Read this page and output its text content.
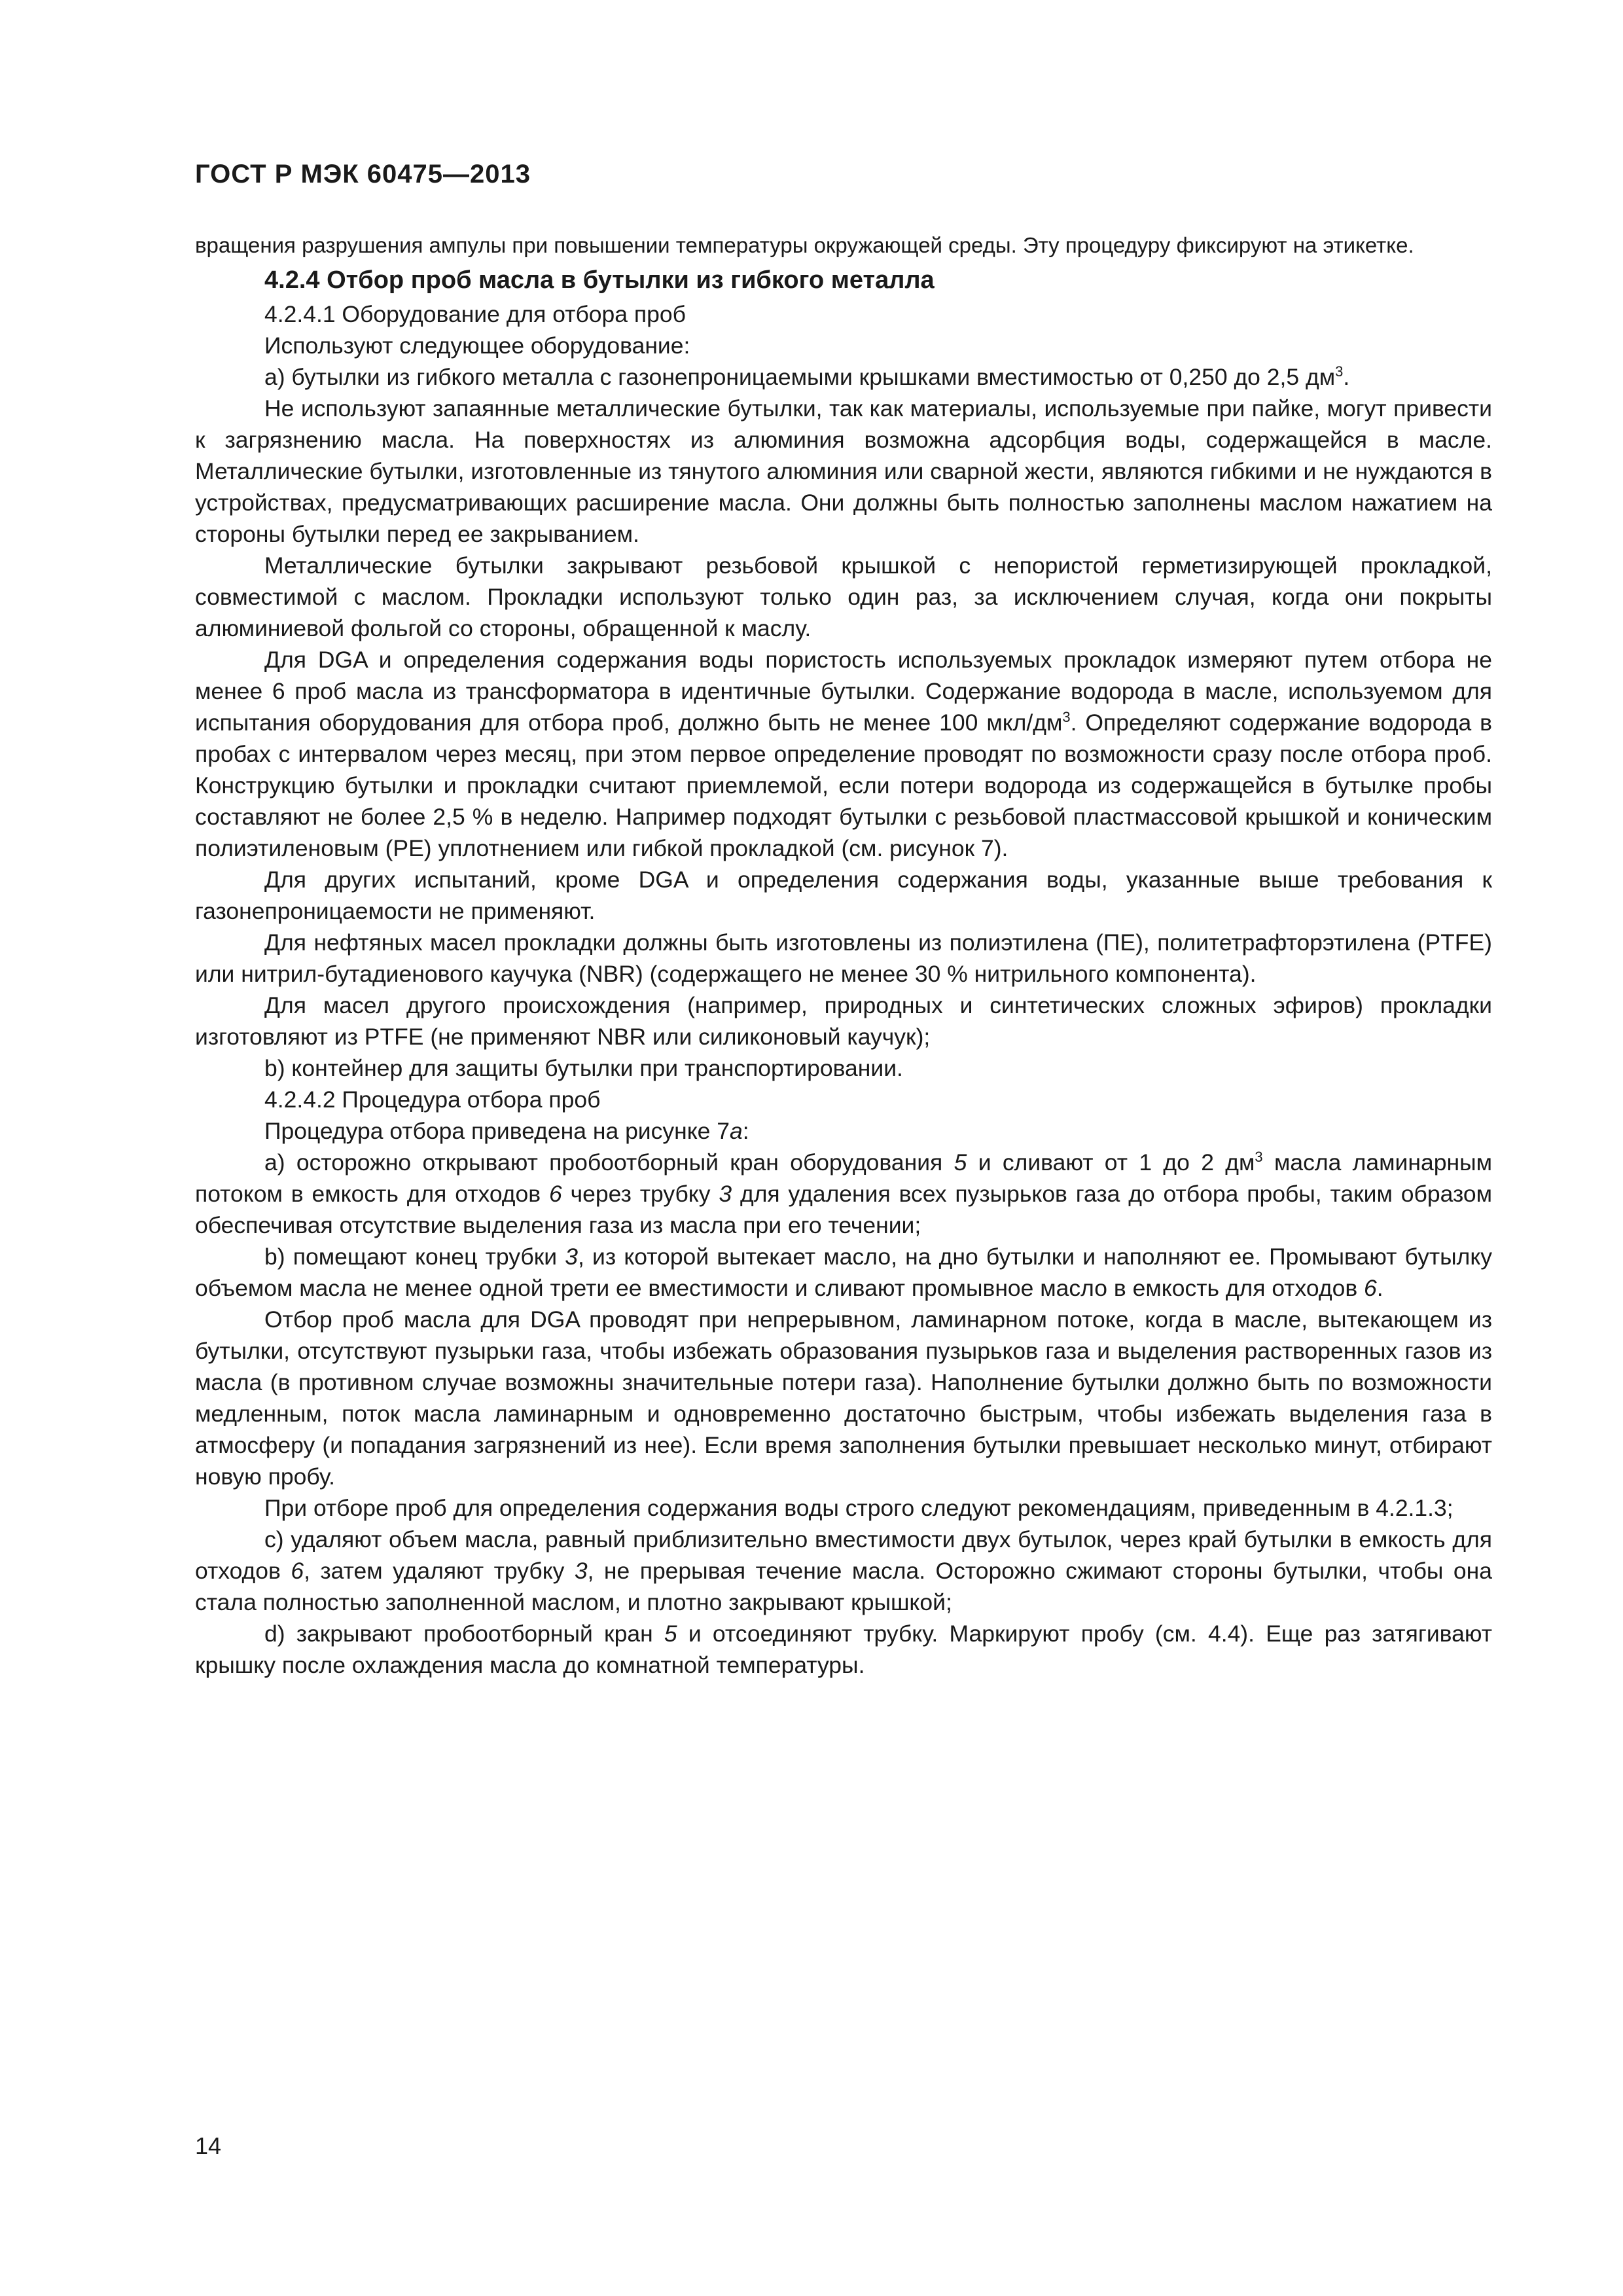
ГОСТ Р МЭК 60475—2013

вращения разрушения ампулы при повышении температуры окружающей среды. Эту процедуру фиксируют на этикетке.

4.2.4 Отбор проб масла в бутылки из гибкого металла

4.2.4.1 Оборудование для отбора проб

Используют следующее оборудование:

а) бутылки из гибкого металла с газонепроницаемыми крышками вместимостью от 0,250 до 2,5 $дм^3$.

Не используют запаянные металлические бутылки, так как материалы, используемые при пайке, могут привести к загрязнению масла. На поверхностях из алюминия возможна адсорбция воды, содержащейся в масле. Металлические бутылки, изготовленные из тянутого алюминия или сварной жести, являются гибкими и не нуждаются в устройствах, предусматривающих расширение масла. Они должны быть полностью заполнены маслом нажатием на стороны бутылки перед ее закрыванием.

Металлические бутылки закрывают резьбовой крышкой с непористой герметизирующей прокладкой, совместимой с маслом. Прокладки используют только один раз, за исключением случая, когда они покрыты алюминиевой фольгой со стороны, обращенной к маслу.

Для DGA и определения содержания воды пористость используемых прокладок измеряют путем отбора не менее 6 проб масла из трансформатора в идентичные бутылки. Содержание водорода в масле, используемом для испытания оборудования для отбора проб, должно быть не менее 100 мкл/$дм^3$. Определяют содержание водорода в пробах с интервалом через месяц, при этом первое определение проводят по возможности сразу после отбора проб. Конструкцию бутылки и прокладки считают приемлемой, если потери водорода из содержащейся в бутылке пробы составляют не более 2,5 % в неделю. Например подходят бутылки с резьбовой пластмассовой крышкой и коническим полиэтиленовым (РЕ) уплотнением или гибкой прокладкой (см. рисунок 7).

Для других испытаний, кроме DGA и определения содержания воды, указанные выше требования к газонепроницаемости не применяют.

Для нефтяных масел прокладки должны быть изготовлены из полиэтилена (ПЕ), политетрафторэтилена (PTFE) или нитрил-бутадиенового каучука (NBR) (содержащего не менее 30 % нитрильного компонента).

Для масел другого происхождения (например, природных и синтетических сложных эфиров) прокладки изготовляют из PTFE (не применяют NBR или силиконовый каучук);

b) контейнер для защиты бутылки при транспортировании.

4.2.4.2 Процедура отбора проб

Процедура отбора приведена на рисунке 7а:

а) осторожно открывают пробоотборный кран оборудования 5 и сливают от 1 до 2 $дм^3$ масла ламинарным потоком в емкость для отходов 6 через трубку 3 для удаления всех пузырьков газа до отбора пробы, таким образом обеспечивая отсутствие выделения газа из масла при его течении;

b) помещают конец трубки 3, из которой вытекает масло, на дно бутылки и наполняют ее. Промывают бутылку объемом масла не менее одной трети ее вместимости и сливают промывное масло в емкость для отходов 6.

Отбор проб масла для DGA проводят при непрерывном, ламинарном потоке, когда в масле, вытекающем из бутылки, отсутствуют пузырьки газа, чтобы избежать образования пузырьков газа и выделения растворенных газов из масла (в противном случае возможны значительные потери газа). Наполнение бутылки должно быть по возможности медленным, поток масла ламинарным и одновременно достаточно быстрым, чтобы избежать выделения газа в атмосферу (и попадания загрязнений из нее). Если время заполнения бутылки превышает несколько минут, отбирают новую пробу.

При отборе проб для определения содержания воды строго следуют рекомендациям, приведенным в 4.2.1.3;

с) удаляют объем масла, равный приблизительно вместимости двух бутылок, через край бутылки в емкость для отходов 6, затем удаляют трубку 3, не прерывая течение масла. Осторожно сжимают стороны бутылки, чтобы она стала полностью заполненной маслом, и плотно закрывают крышкой;

d) закрывают пробоотборный кран 5 и отсоединяют трубку. Маркируют пробу (см. 4.4). Еще раз затягивают крышку после охлаждения масла до комнатной температуры.

14
